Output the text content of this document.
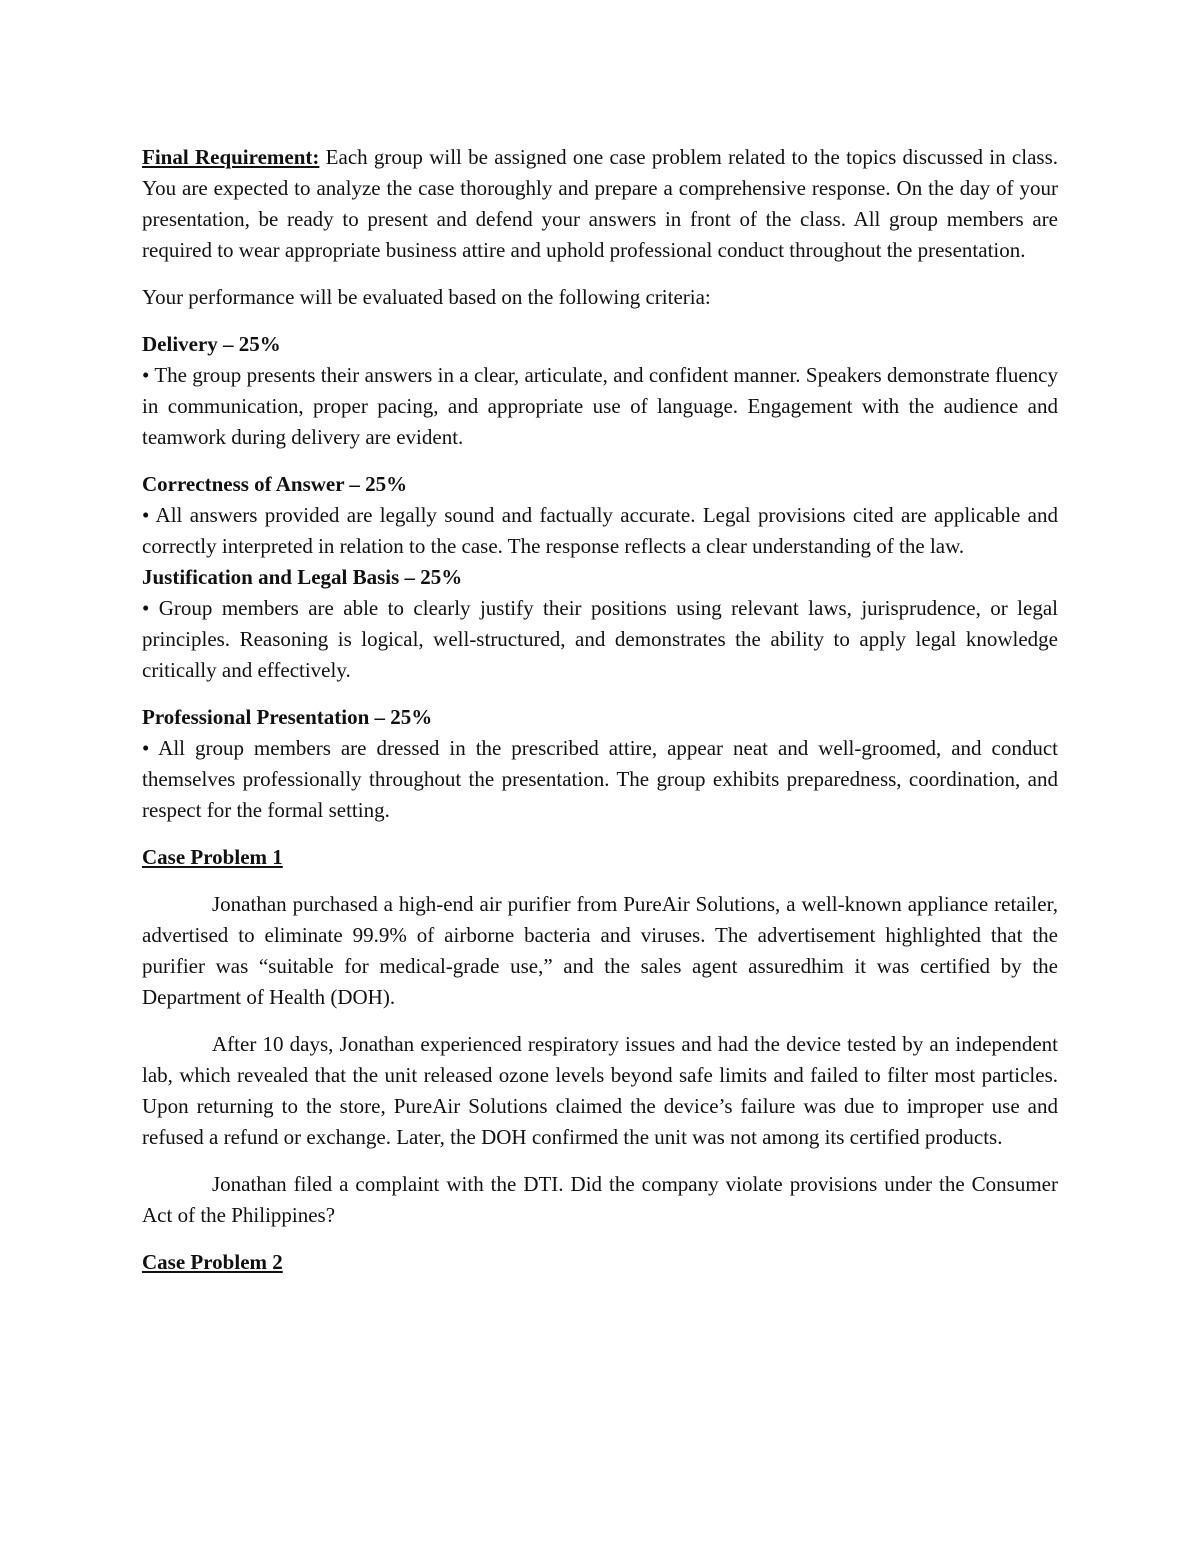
Final Requirement: Each group will be assigned one case problem related to the topics discussed in class. You are expected to analyze the case thoroughly and prepare a comprehensive response. On the day of your presentation, be ready to present and defend your answers in front of the class. All group members are required to wear appropriate business attire and uphold professional conduct throughout the presentation.

Your performance will be evaluated based on the following criteria:

Delivery – 25%

• The group presents their answers in a clear, articulate, and confident manner. Speakers demonstrate fluency in communication, proper pacing, and appropriate use of language. Engagement with the audience and teamwork during delivery are evident.

Correctness of Answer – 25%

• All answers provided are legally sound and factually accurate. Legal provisions cited are applicable and correctly interpreted in relation to the case. The response reflects a clear understanding of the law.

Justification and Legal Basis – 25%

• Group members are able to clearly justify their positions using relevant laws, jurisprudence, or legal principles. Reasoning is logical, well-structured, and demonstrates the ability to apply legal knowledge critically and effectively.

Professional Presentation – 25%

• All group members are dressed in the prescribed attire, appear neat and well-groomed, and conduct themselves professionally throughout the presentation. The group exhibits preparedness, coordination, and respect for the formal setting.

Case Problem 1

Jonathan purchased a high-end air purifier from PureAir Solutions, a well-known appliance retailer, advertised to eliminate 99.9% of airborne bacteria and viruses. The advertisement highlighted that the purifier was “suitable for medical-grade use,” and the sales agent assuredhim it was certified by the Department of Health (DOH).

After 10 days, Jonathan experienced respiratory issues and had the device tested by an independent lab, which revealed that the unit released ozone levels beyond safe limits and failed to filter most particles. Upon returning to the store, PureAir Solutions claimed the device’s failure was due to improper use and refused a refund or exchange. Later, the DOH confirmed the unit was not among its certified products.

Jonathan filed a complaint with the DTI. Did the company violate provisions under the Consumer Act of the Philippines?

Case Problem 2
